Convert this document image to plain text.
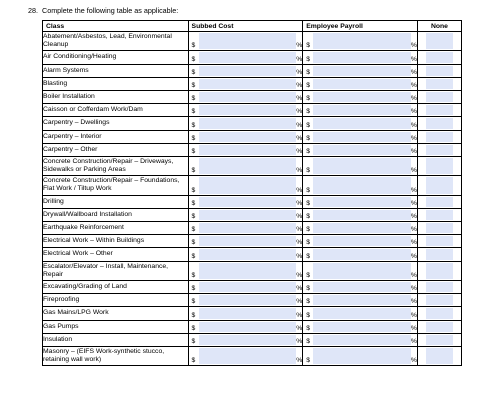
28. Complete the following table as applicable:
Class	Subbed Cost	Employee Payroll	None
Abatement/Asbestos, Lead, Environmental Cleanup	$ %	$ %	

Air Conditioning/Heating	$ %	$ %	

Alarm Systems	$ %	$ %	

Blasting	$ %	$ %	

Boiler Installation	$ %	$ %	

Caisson or Cofferdam Work/Dam	$ %	$ %	

Carpentry – Dwellings	$ %	$ %	

Carpentry – Interior	$ %	$ %	

Carpentry – Other	$ %	$ %	

Concrete Construction/Repair – Driveways, Sidewalks or Parking Areas	$ %	$ %	

Concrete Construction/Repair – Foundations, Flat Work / Tiltup Work	$ %	$ %	

Drilling	$ %	$ %	

Drywall/Wallboard Installation	$ %	$ %	

Earthquake Reinforcement	$ %	$ %	

Electrical Work – Within Buildings	$ %	$ %	

Electrical Work – Other	$ %	$ %	

Escalator/Elevator – Install, Maintenance, Repair	$ %	$ %	

Excavating/Grading of Land	$ %	$ %	

Fireproofing	$ %	$ %	

Gas Mains/LPG Work	$ %	$ %	

Gas Pumps	$ %	$ %	

Insulation	$ %	$ %	

Masonry – (EIFS Work-synthetic stucco, retaining wall work)	$ %	$ %	
